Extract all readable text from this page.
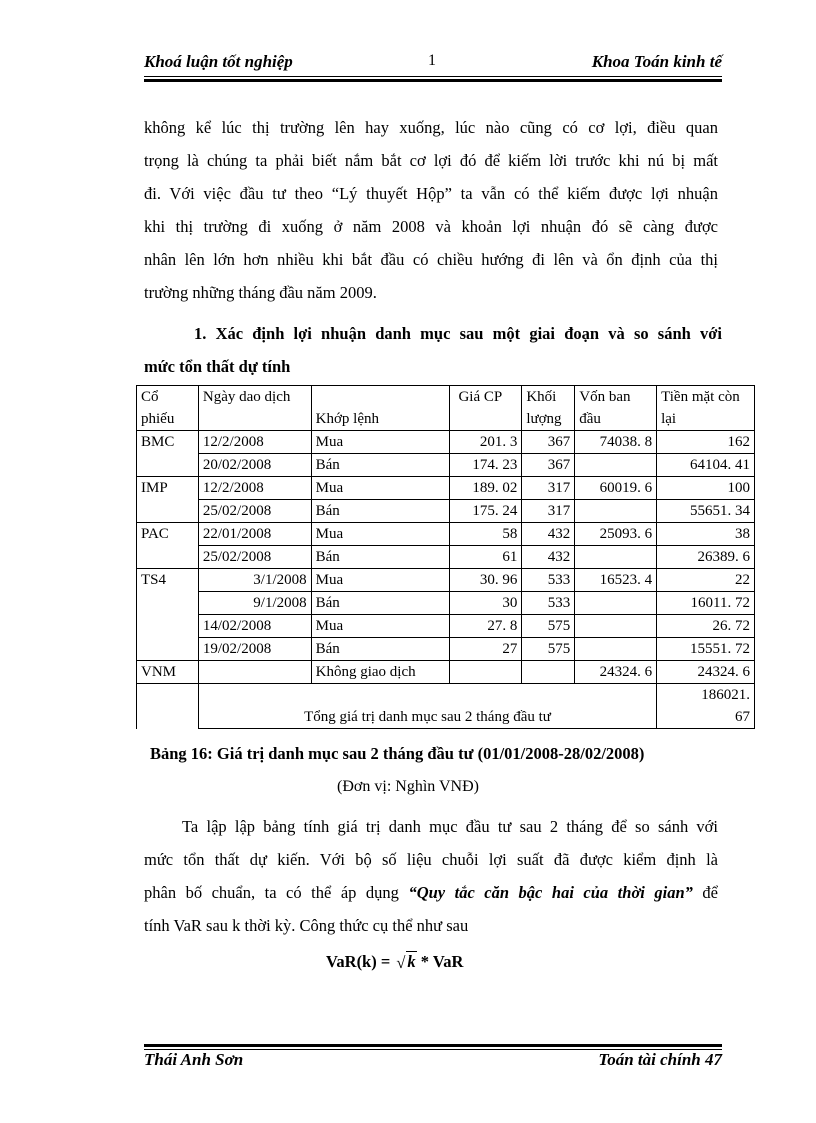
Khoá luận tốt nghiệp	1	Khoa Toán kinh tế
không kể lúc thị trường lên hay xuống, lúc nào cũng có cơ lợi, điều quan
trọng là chúng ta phải biết nắm bắt cơ lợi đó để kiếm lời trước khi nú bị mất
đi. Với việc đầu tư theo “Lý thuyết Hộp” ta vẫn có thể kiếm được lợi nhuận
khi thị trường đi xuống ở năm 2008 và khoản lợi nhuận đó sẽ càng được
nhân lên lớn hơn nhiều khi bắt đầu có chiều hướng đi lên và ổn định của thị
trường những tháng đầu năm 2009.
1. Xác định lợi nhuận danh mục sau một giai đoạn và so sánh với
mức tổn thất dự tính
Cổ phiếu	Ngày dao dịch	Khớp lệnh	Giá CP	Khối lượng	Vốn ban đầu	Tiền mặt còn lại
BMC	12/2/2008	Mua	201. 3	367	74038. 8	162
	20/02/2008	Bán	174. 23	367		64104. 41
IMP	12/2/2008	Mua	189. 02	317	60019. 6	100
	25/02/2008	Bán	175. 24	317		55651. 34
PAC	22/01/2008	Mua	58	432	25093. 6	38
	25/02/2008	Bán	61	432		26389. 6
TS4	3/1/2008	Mua	30. 96	533	16523. 4	22
	9/1/2008	Bán	30	533		16011. 72
	14/02/2008	Mua	27. 8	575		26. 72
	19/02/2008	Bán	27	575		15551. 72
VNM		Không giao dịch			24324. 6	24324. 6
	Tổng giá trị danh mục sau 2 tháng đầu tư					186021.
67
Bảng 16: Giá trị danh mục sau 2 tháng đầu tư (01/01/2008-28/02/2008)
(Đơn vị: Nghìn VNĐ)
Ta lập lập bảng tính giá trị danh mục đầu tư sau 2 tháng để so sánh với
mức tổn thất dự kiến. Với bộ số liệu chuỗi lợi suất đã được kiểm định là
phân bố chuẩn, ta có thể áp dụng “Quy tắc căn bậc hai của thời gian” để
tính VaR sau k thời kỳ. Công thức cụ thể như sau
VaR(k) = √ k * VaR
Thái Anh Sơn	Toán tài chính 47
